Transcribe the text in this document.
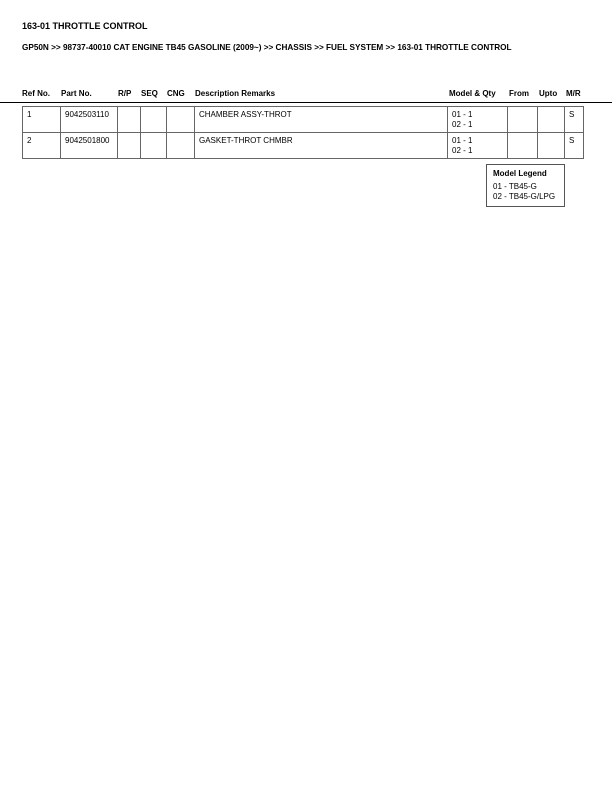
163-01 THROTTLE CONTROL
GP50N >> 98737-40010 CAT ENGINE TB45 GASOLINE (2009~) >> CHASSIS >> FUEL SYSTEM >> 163-01 THROTTLE CONTROL
Ref No. Part No.	R/P SEQ CNG Description Remarks	Model & Qty From Upto M/R
1	9042503110				CHAMBER ASSY-THROT	01 - 1
02 - 1			S
2	9042501800				GASKET-THROT CHMBR	01 - 1
02 - 1			S
Model Legend
01 - TB45-G
02 - TB45-G/LPG
